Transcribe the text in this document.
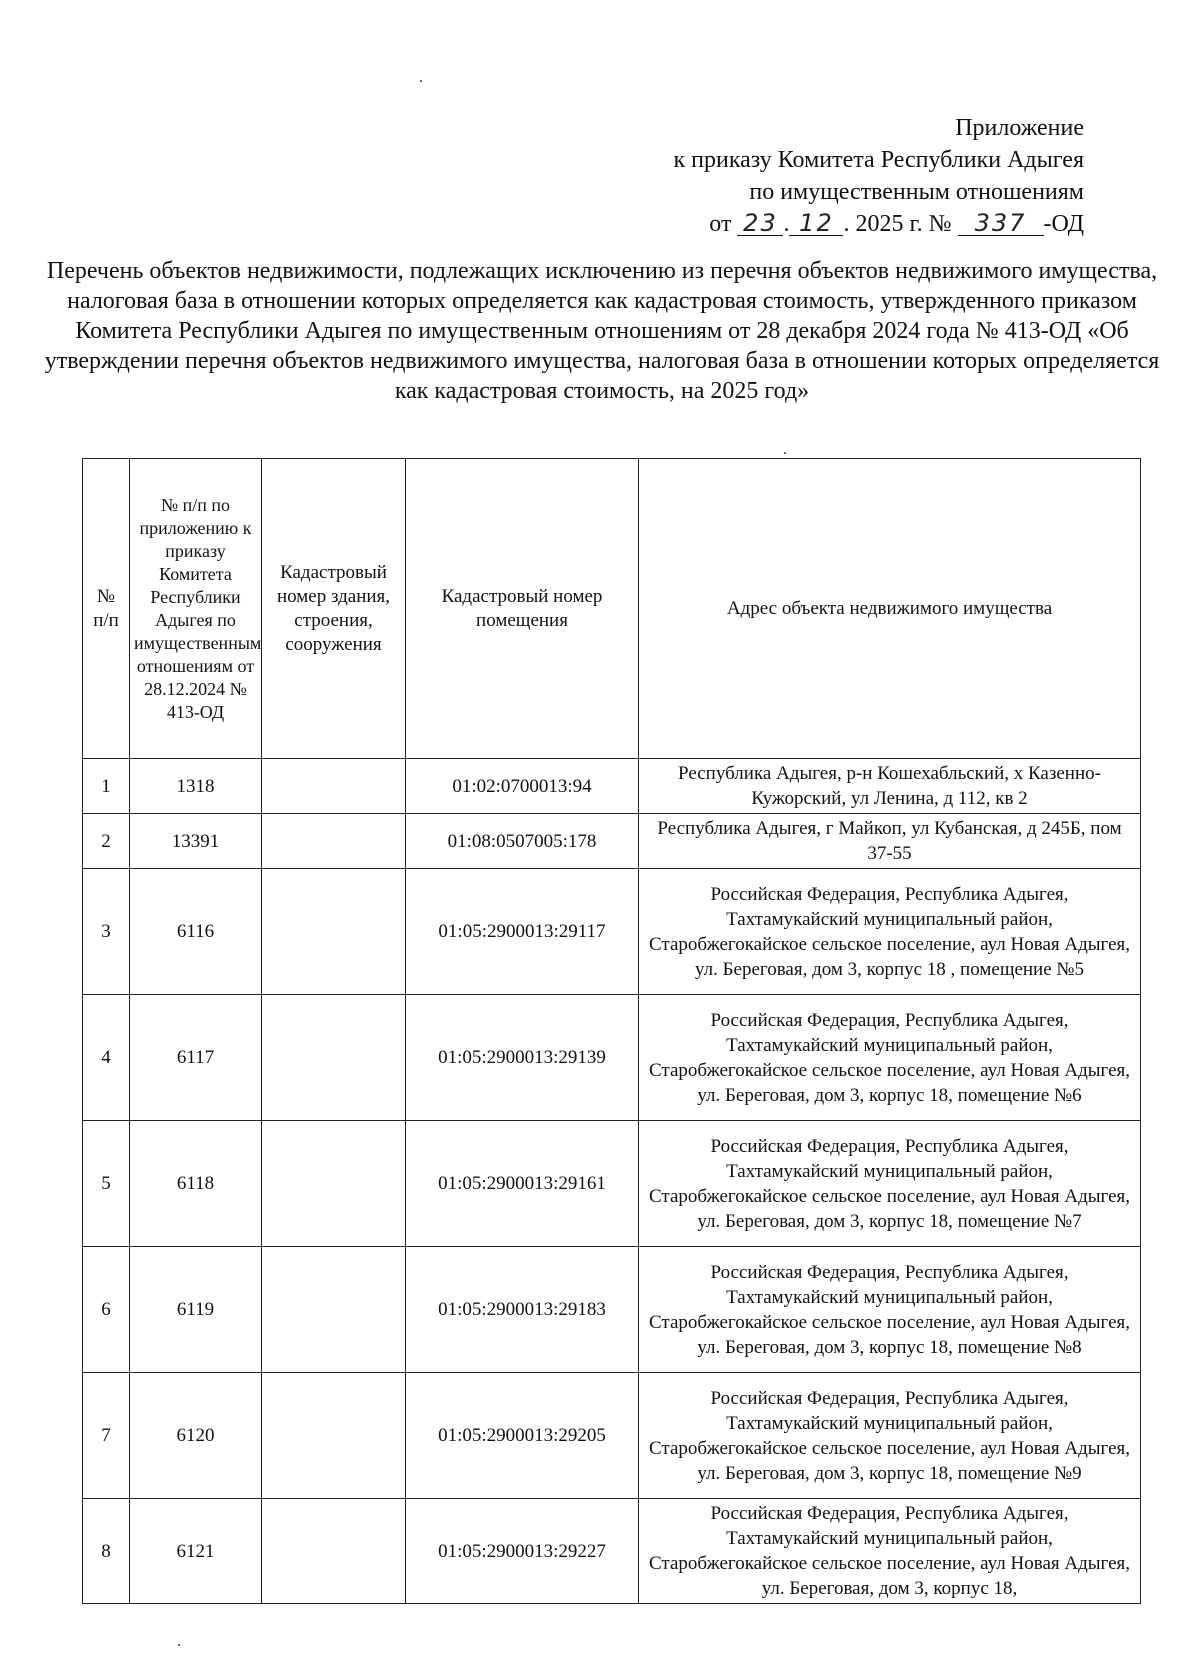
Приложение
к приказу Комитета Республики Адыгея
по имущественным отношениям
от 23 . 12 . 2025 г. № 337 -ОД
Перечень объектов недвижимости, подлежащих исключению из перечня объектов недвижимого имущества, налоговая база в отношении которых определяется как кадастровая стоимость, утвержденного приказом Комитета Республики Адыгея по имущественным отношениям от 28 декабря 2024 года № 413-ОД «Об утверждении перечня объектов недвижимого имущества, налоговая база в отношении которых определяется как кадастровая стоимость, на 2025 год»
№ п/п	№ п/п по приложению к приказу Комитета Республики Адыгея по имущественным отношениям от 28.12.2024 № 413-ОД	Кадастровый номер здания, строения, сооружения	Кадастровый номер помещения	Адрес объекта недвижимого имущества
1	1318		01:02:0700013:94	Республика Адыгея, р-н Кошехабльский, х Казенно-Кужорский, ул Ленина, д 112, кв 2
2	13391		01:08:0507005:178	Республика Адыгея, г Майкоп, ул Кубанская, д 245Б, пом 37-55
3	6116		01:05:2900013:29117	Российская Федерация, Республика Адыгея, Тахтамукайский муниципальный район, Старобжегокайское сельское поселение, аул Новая Адыгея, ул. Береговая, дом 3, корпус 18 , помещение №5
4	6117		01:05:2900013:29139	Российская Федерация, Республика Адыгея, Тахтамукайский муниципальный район, Старобжегокайское сельское поселение, аул Новая Адыгея, ул. Береговая, дом 3, корпус 18, помещение №6
5	6118		01:05:2900013:29161	Российская Федерация, Республика Адыгея, Тахтамукайский муниципальный район, Старобжегокайское сельское поселение, аул Новая Адыгея, ул. Береговая, дом 3, корпус 18, помещение №7
6	6119		01:05:2900013:29183	Российская Федерация, Республика Адыгея, Тахтамукайский муниципальный район, Старобжегокайское сельское поселение, аул Новая Адыгея, ул. Береговая, дом 3, корпус 18, помещение №8
7	6120		01:05:2900013:29205	Российская Федерация, Республика Адыгея, Тахтамукайский муниципальный район, Старобжегокайское сельское поселение, аул Новая Адыгея, ул. Береговая, дом 3, корпус 18, помещение №9
8	6121		01:05:2900013:29227	Российская Федерация, Республика Адыгея, Тахтамукайский муниципальный район, Старобжегокайское сельское поселение, аул Новая Адыгея, ул. Береговая, дом 3, корпус 18,
